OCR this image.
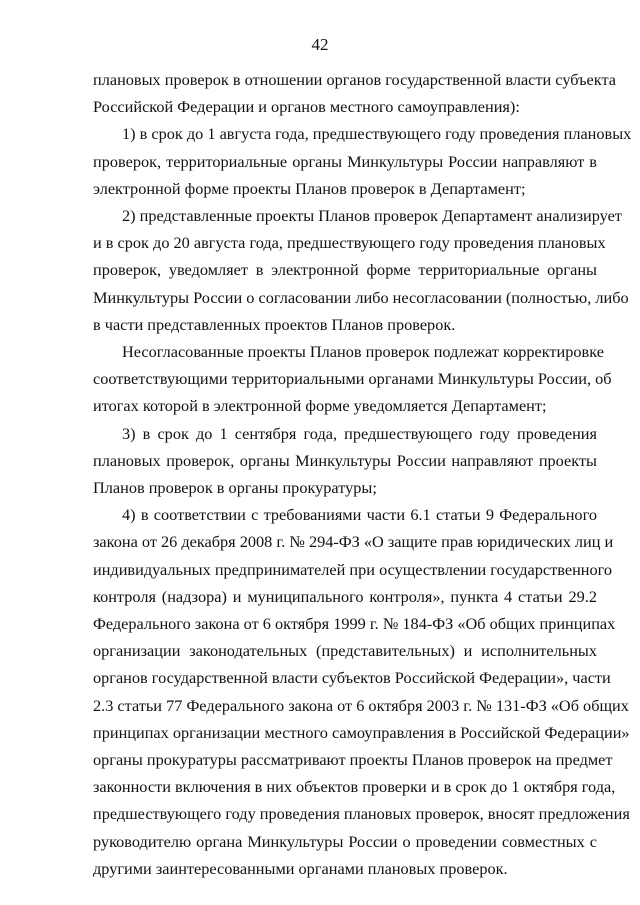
42
плановых проверок в отношении органов государственной власти субъекта
Российской Федерации и органов местного самоуправления):
1) в срок до 1 августа года, предшествующего году проведения плановых
проверок, территориальные органы Минкультуры России направляют в
электронной форме проекты Планов проверок в Департамент;
2) представленные проекты Планов проверок Департамент анализирует
и в срок до 20 августа года, предшествующего году проведения плановых
проверок, уведомляет в электронной форме территориальные органы
Минкультуры России о согласовании либо несогласовании (полностью, либо
в части представленных проектов Планов проверок.
Несогласованные проекты Планов проверок подлежат корректировке
соответствующими территориальными органами Минкультуры России, об
итогах которой в электронной форме уведомляется Департамент;
3) в срок до 1 сентября года, предшествующего году проведения
плановых проверок, органы Минкультуры России направляют проекты
Планов проверок в органы прокуратуры;
4) в соответствии с требованиями части 6.1 статьи 9 Федерального
закона от 26 декабря 2008 г. № 294-ФЗ «О защите прав юридических лиц и
индивидуальных предпринимателей при осуществлении государственного
контроля (надзора) и муниципального контроля», пункта 4 статьи 29.2
Федерального закона от 6 октября 1999 г. № 184-ФЗ «Об общих принципах
организации законодательных (представительных) и исполнительных
органов государственной власти субъектов Российской Федерации», части
2.3 статьи 77 Федерального закона от 6 октября 2003 г. № 131-ФЗ «Об общих
принципах организации местного самоуправления в Российской Федерации»
органы прокуратуры рассматривают проекты Планов проверок на предмет
законности включения в них объектов проверки и в срок до 1 октября года,
предшествующего году проведения плановых проверок, вносят предложения
руководителю органа Минкультуры России о проведении совместных с
другими заинтересованными органами плановых проверок.
